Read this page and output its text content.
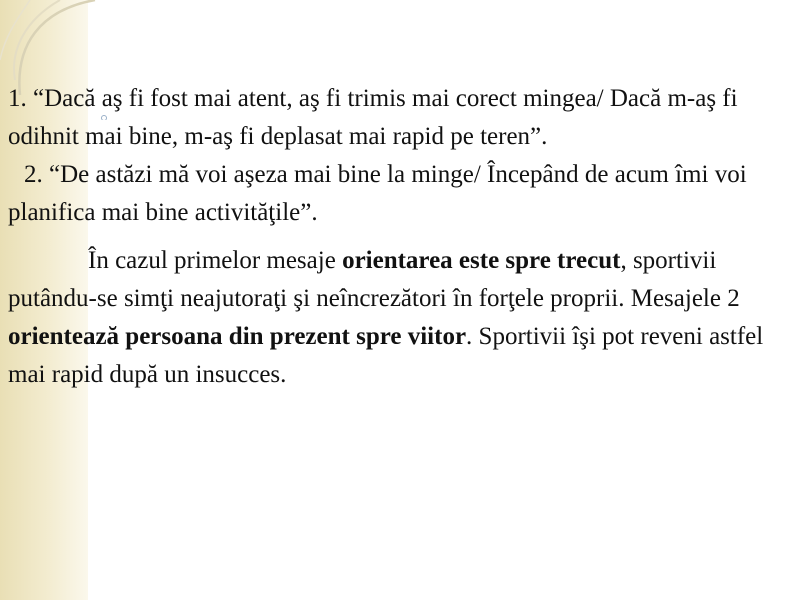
1. “Dacă aş fi fost mai atent, aş fi trimis mai corect mingea/ Dacă m-aş fi odihnit mai bine, m-aş fi deplasat mai rapid pe teren”.

2. “De astăzi mă voi aşeza mai bine la minge/ Începând de acum îmi voi planifica mai bine activităţile”.

În cazul primelor mesaje orientarea este spre trecut, sportivii putându-se simţi neajutoraţi şi neîncrezători în forţele proprii. Mesajele 2 orientează persoana din prezent spre viitor. Sportivii îşi pot reveni astfel mai rapid după un insucces.
